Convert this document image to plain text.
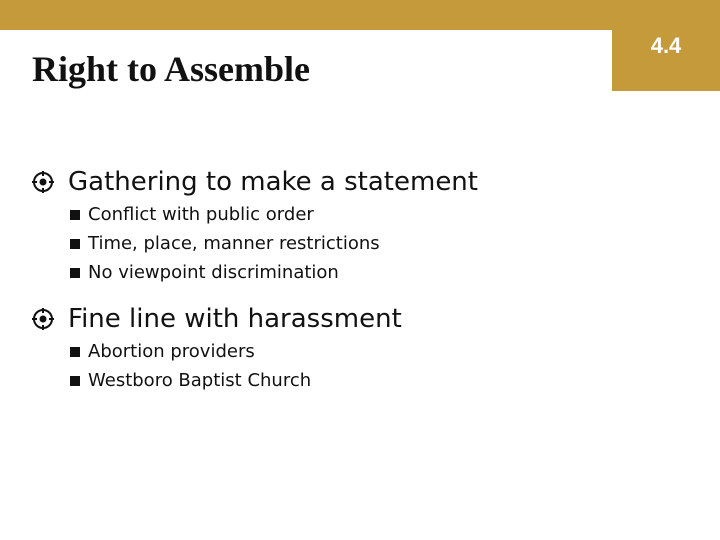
4.4
Right to Assemble
Gathering to make a statement
Conflict with public order
Time, place, manner restrictions
No viewpoint discrimination
Fine line with harassment
Abortion providers
Westboro Baptist Church
